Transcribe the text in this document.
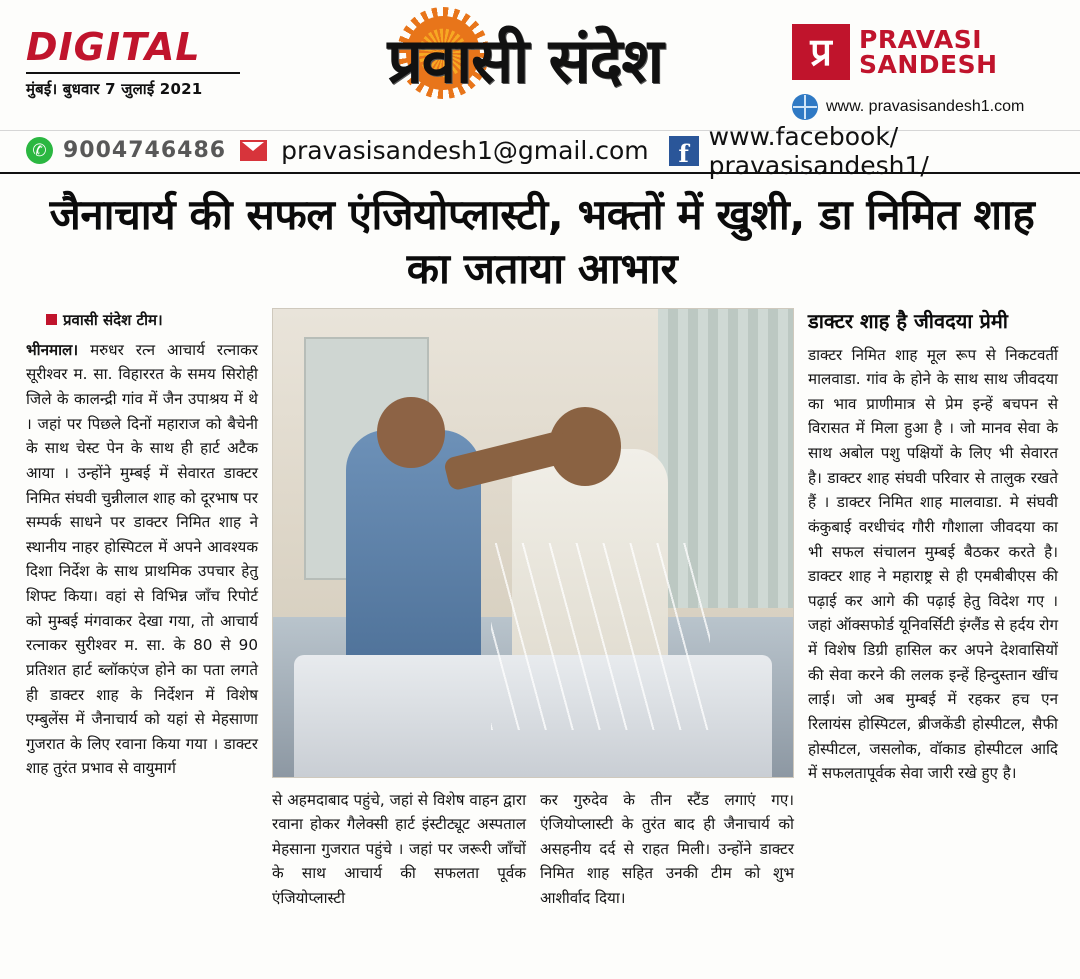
DIGITAL
मुंबई। बुधवार 7 जुलाई 2021	प्रवासी संदेश	प्र	PRAVASI
SANDESH
www. pravasisandesh1.com
✆ 9004746486 pravasisandesh1@gmail.com	f
www.facebook/ pravasisandesh1/
जैनाचार्य की सफल एंजियोप्लास्टी, भक्तों में खुशी, डा निमित शाह का जताया आभार
प्रवासी संदेश टीम।

भीनमाल। मरुधर रत्न आचार्य रत्नाकर सूरीश्वर म. सा. विहाररत के समय सिरोही जिले के कालन्द्री गांव में जैन उपाश्रय में थे । जहां पर पिछले दिनों महाराज को बैचेनी के साथ चेस्ट पेन के साथ ही हार्ट अटैक आया । उन्होंने मुम्बई में सेवारत डाक्टर निमित संघवी चुन्नीलाल शाह को दूरभाष पर सम्पर्क साधने पर डाक्टर निमित शाह ने स्थानीय नाहर होस्पिटल में अपने आवश्यक दिशा निर्देश के साथ प्राथमिक उपचार हेतु शिफ्ट किया। वहां से विभिन्न जाँच रिपोर्ट को मुम्बई मंगवाकर देखा गया, तो आचार्य रत्नाकर सुरीश्वर म. सा. के 80 से 90 प्रतिशत हार्ट ब्लॉकएंज होने का पता लगते ही डाक्टर शाह के निर्देशन में विशेष एम्बुलेंस में जैनाचार्य को यहां से मेहसाणा गुजरात के लिए रवाना किया गया । डाक्टर शाह तुरंत प्रभाव से वायुमार्ग

से अहमदाबाद पहुंचे, जहां से विशेष वाहन द्वारा रवाना होकर गैलेक्सी हार्ट इंस्टीट्यूट अस्पताल मेहसाना गुजरात पहुंचे । जहां पर जरूरी जाँचों के साथ आचार्य की सफलता पूर्वक एंजियोप्लास्टी

कर गुरुदेव के तीन स्टैंड लगाएं गए। एंजियोप्लास्टी के तुरंत बाद ही जैनाचार्य को असहनीय दर्द से राहत मिली। उन्होंने डाक्टर निमित शाह सहित उनकी टीम को शुभ आशीर्वाद दिया।

डाक्टर शाह है जीवदया प्रेमी

डाक्टर निमित शाह मूल रूप से निकटवर्ती मालवाडा. गांव के होने के साथ साथ जीवदया का भाव प्राणीमात्र से प्रेम इन्हें बचपन से विरासत में मिला हुआ है । जो मानव सेवा के साथ अबोल पशु पक्षियों के लिए भी सेवारत है। डाक्टर शाह संघवी परिवार से तालुक रखते हैं । डाक्टर निमित शाह मालवाडा. मे संघवी कंकुबाई वरधीचंद गौरी गौशाला जीवदया का भी सफल संचालन मुम्बई बैठकर करते है। डाक्टर शाह ने महाराष्ट्र से ही एमबीबीएस की पढ़ाई कर आगे की पढ़ाई हेतु विदेश गए । जहां ऑक्सफोर्ड यूनिवर्सिटी इंग्लैंड से हर्दय रोग में विशेष डिग्री हासिल कर अपने देशवासियों की सेवा करने की ललक इन्हें हिन्दुस्तान खींच लाई। जो अब मुम्बई में रहकर हच एन रिलायंस होस्पिटल, ब्रीजकेंडी होस्पीटल, सैफी होस्पीटल, जसलोक, वॉकाड होस्पीटल आदि में सफलतापूर्वक सेवा जारी रखे हुए है।
